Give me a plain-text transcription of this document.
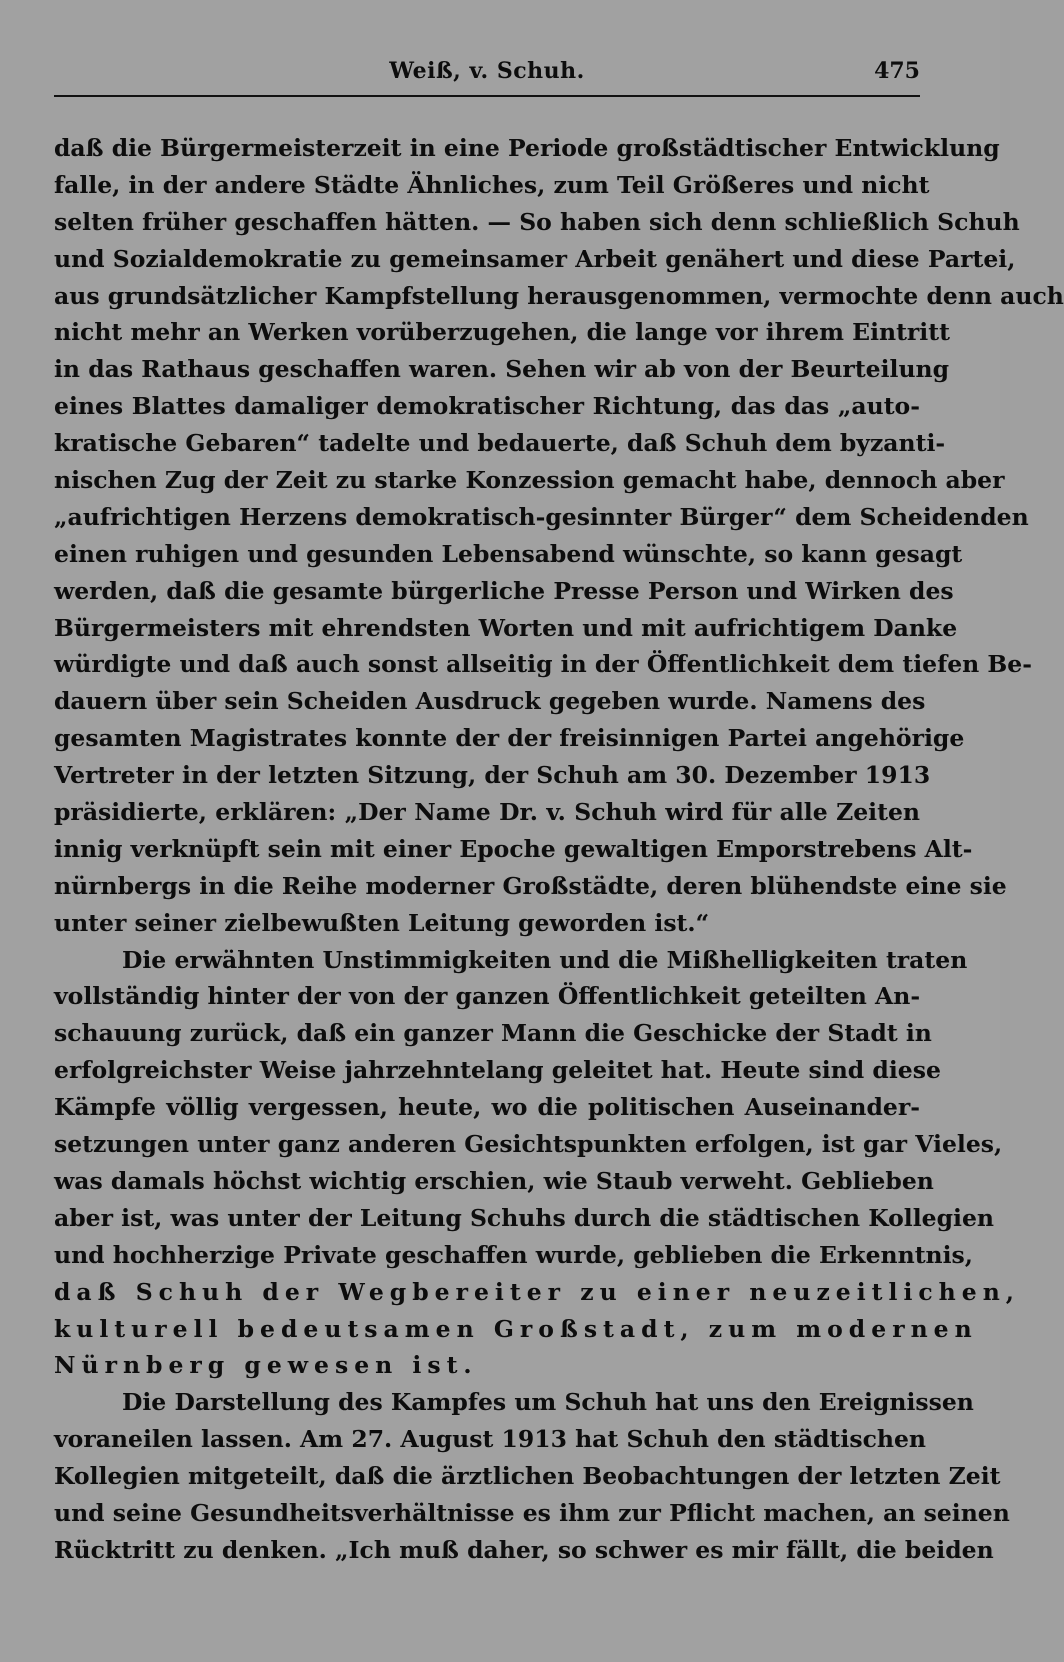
Weiß, v. Schuh.	475
daß die Bürgermeisterzeit in eine Periode großstädtischer Entwicklung
falle, in der andere Städte Ähnliches, zum Teil Größeres und nicht
selten früher geschaffen hätten. — So haben sich denn schließlich Schuh
und Sozialdemokratie zu gemeinsamer Arbeit genähert und diese Partei,
aus grundsätzlicher Kampfstellung herausgenommen, vermochte denn auch
nicht mehr an Werken vorüberzugehen, die lange vor ihrem Eintritt
in das Rathaus geschaffen waren. Sehen wir ab von der Beurteilung
eines Blattes damaliger demokratischer Richtung, das das „auto-
kratische Gebaren“ tadelte und bedauerte, daß Schuh dem byzanti-
nischen Zug der Zeit zu starke Konzession gemacht habe, dennoch aber
„aufrichtigen Herzens demokratisch-gesinnter Bürger“ dem Scheidenden
einen ruhigen und gesunden Lebensabend wünschte, so kann gesagt
werden, daß die gesamte bürgerliche Presse Person und Wirken des
Bürgermeisters mit ehrendsten Worten und mit aufrichtigem Danke
würdigte und daß auch sonst allseitig in der Öffentlichkeit dem tiefen Be-
dauern über sein Scheiden Ausdruck gegeben wurde. Namens des
gesamten Magistrates konnte der der freisinnigen Partei angehörige
Vertreter in der letzten Sitzung, der Schuh am 30. Dezember 1913
präsidierte, erklären: „Der Name Dr. v. Schuh wird für alle Zeiten
innig verknüpft sein mit einer Epoche gewaltigen Emporstrebens Alt-
nürnbergs in die Reihe moderner Großstädte, deren blühendste eine sie
unter seiner zielbewußten Leitung geworden ist.“
Die erwähnten Unstimmigkeiten und die Mißhelligkeiten traten
vollständig hinter der von der ganzen Öffentlichkeit geteilten An-
schauung zurück, daß ein ganzer Mann die Geschicke der Stadt in
erfolgreichster Weise jahrzehntelang geleitet hat. Heute sind diese
Kämpfe völlig vergessen, heute, wo die politischen Auseinander-
setzungen unter ganz anderen Gesichtspunkten erfolgen, ist gar Vieles,
was damals höchst wichtig erschien, wie Staub verweht. Geblieben
aber ist, was unter der Leitung Schuhs durch die städtischen Kollegien
und hochherzige Private geschaffen wurde, geblieben die Erkenntnis,
daß Schuh der Wegbereiter zu einer neuzeitlichen,
kulturell bedeutsamen Großstadt, zum modernen
Nürnberg gewesen ist.
Die Darstellung des Kampfes um Schuh hat uns den Ereignissen
voraneilen lassen. Am 27. August 1913 hat Schuh den städtischen
Kollegien mitgeteilt, daß die ärztlichen Beobachtungen der letzten Zeit
und seine Gesundheitsverhältnisse es ihm zur Pflicht machen, an seinen
Rücktritt zu denken. „Ich muß daher, so schwer es mir fällt, die beiden
